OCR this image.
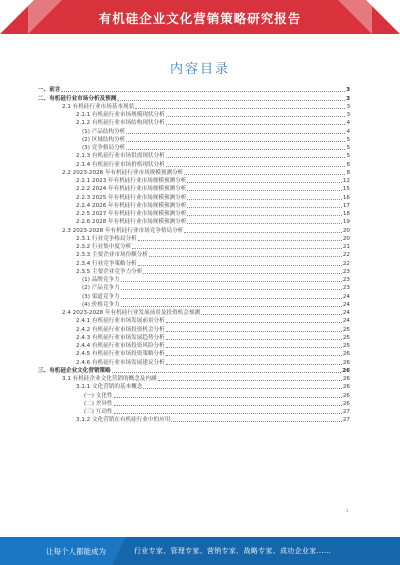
有机硅企业文化营销策略研究报告
内容目录
一、前言	3
二、有机硅行业市场分析及预测	3
2.1 有机硅行业市场基本现状	3
2.1.1 有机硅行业市场规模现状分析	3
2.1.2 有机硅行业市场结构现状分析	4
(1) 产品结构分析	4
(2) 区域结构分析	5
(3) 竞争格局分析	5
2.1.3 有机硅行业市场供需现状分析	5
2.1.4 有机硅行业市场价格现状分析	6
2.2 2023-2028 年有机硅行业市场规模预测分析	8
2.2.1 2023 年有机硅行业市场规模预测分析	12
2.2.2 2024 年有机硅行业市场规模预测分析	15
2.2.3 2025 年有机硅行业市场规模预测分析	16
2.2.4 2026 年有机硅行业市场规模预测分析	17
2.2.5 2027 年有机硅行业市场规模预测分析	18
2.2.6 2028 年有机硅行业市场规模预测分析	19
2.3 2023-2028 年有机硅行业市场竞争格局分析	20
2.3.1 行业竞争格局分析	20
2.3.2 行业集中度分析	21
2.3.3 主要企业市场份额分析	22
2.3.4 行业竞争策略分析	22
2.3.5 主要企业竞争力分析	23
(1) 品牌竞争力	23
(2) 产品竞争力	23
(3) 渠道竞争力	24
(4) 价格竞争力	24
2.4 2023-2028 年有机硅行业发展前景及投资机会预测	24
2.4.1 有机硅行业市场发展前景分析	24
2.4.2 有机硅行业市场投资机会分析	25
2.4.3 有机硅行业市场发展趋势分析	25
2.4.4 有机硅行业市场投资风险分析	25
2.4.5 有机硅行业市场投资策略分析	26
2.4.6 有机硅行业市场发展建议分析	26
三、有机硅企业文化营销策略	26
3.1 有机硅企业文化营销的概念及内涵	26
3.1.1 文化营销的基本概念	26
(一) 文化性	26
(二) 差异性	26
(三) 互动性	27
3.1.2 文化营销在有机硅行业中的应用	27
1
让每个人都能成为	行业专家、管理专家、营销专家、战略专家、成功企业家……
